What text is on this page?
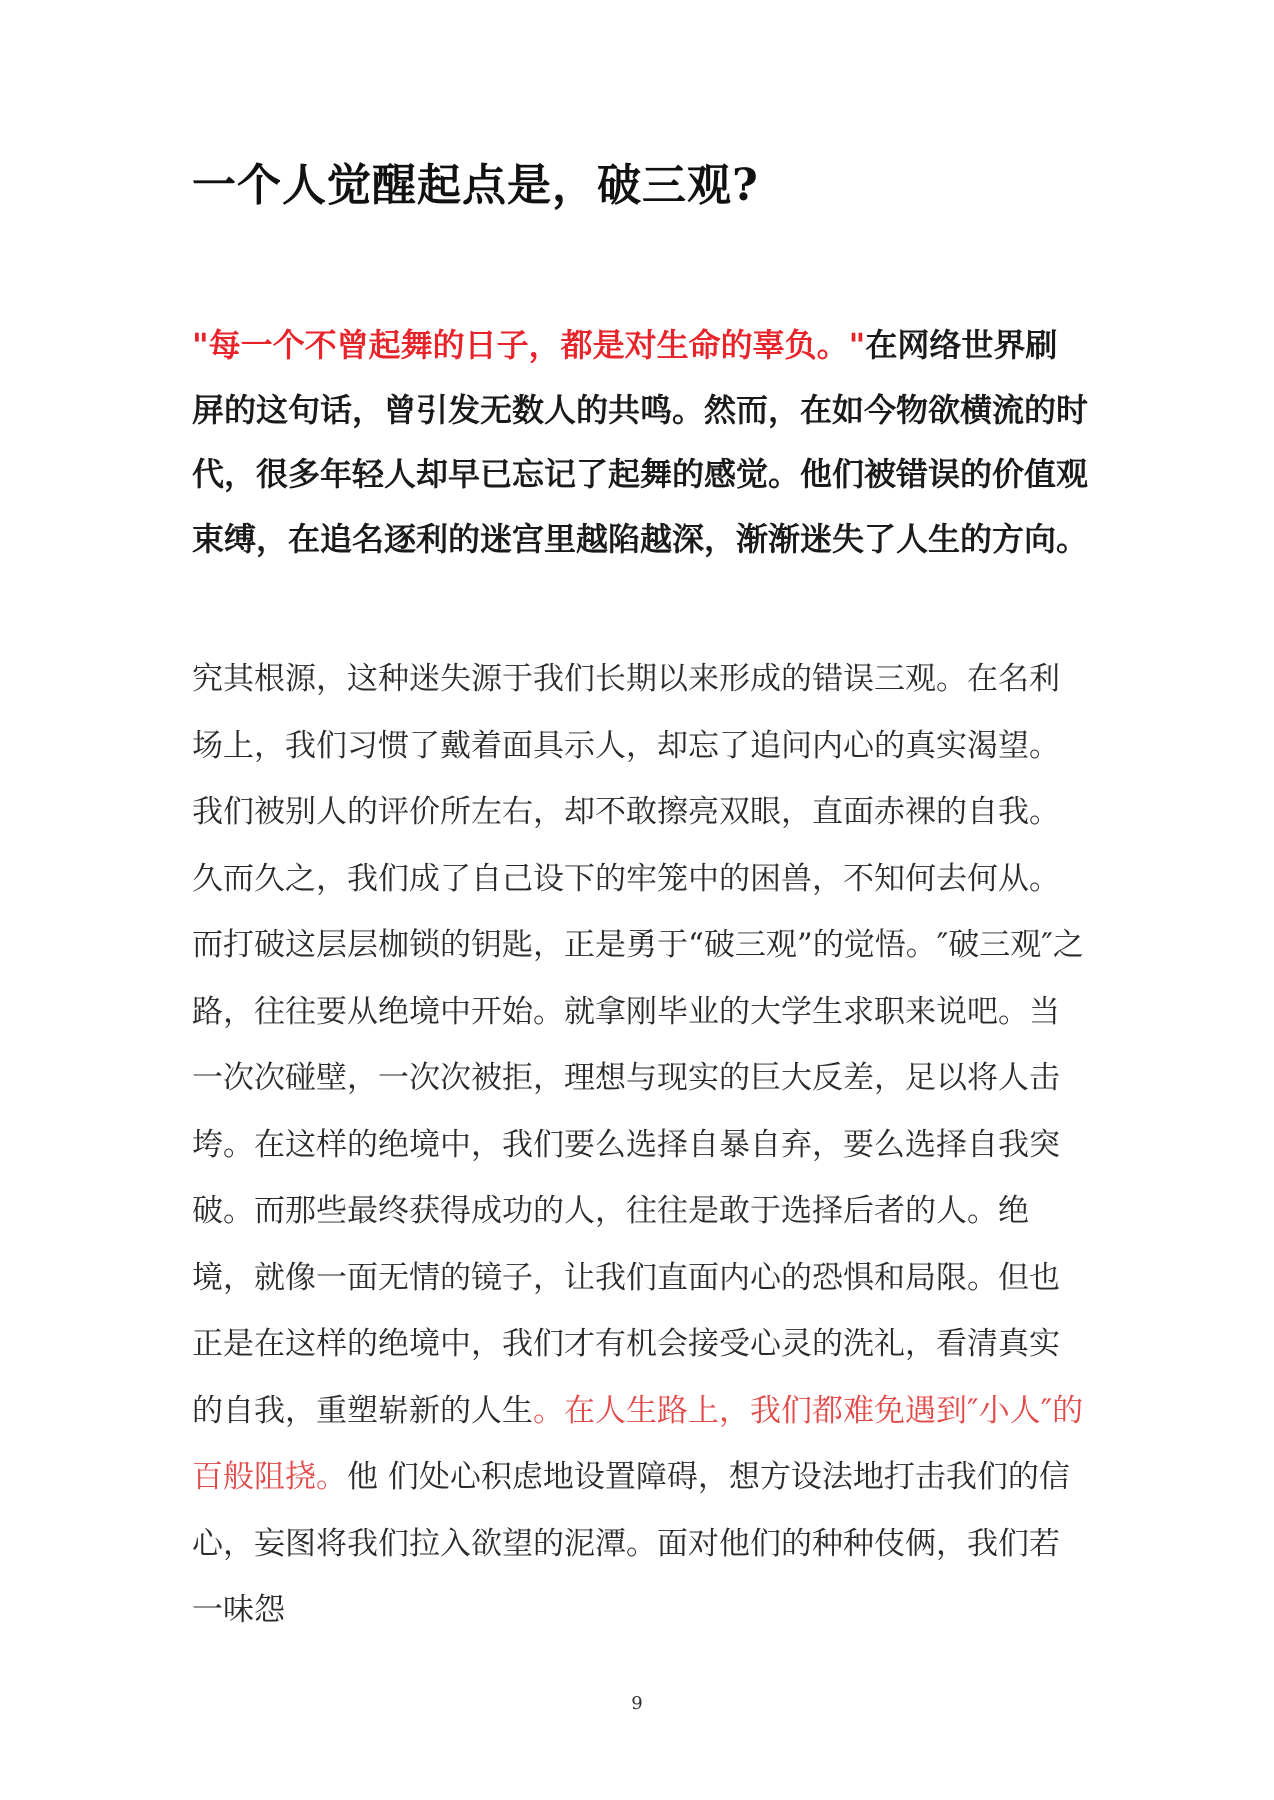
一个人觉醒起点是，破三观?

"每一个不曾起舞的日子，都是对生命的辜负。"在网络世界刷屏的这句话，曾引发无数人的共鸣。然而，在如今物欲横流的时代，很多年轻人却早已忘记了起舞的感觉。他们被错误的价值观束缚，在追名逐利的迷宫里越陷越深，渐渐迷失了人生的方向。

究其根源，这种迷失源于我们长期以来形成的错误三观。在名利场上，我们习惯了戴着面具示人，却忘了追问内心的真实渴望。我们被别人的评价所左右，却不敢擦亮双眼，直面赤裸的自我。久而久之，我们成了自己设下的牢笼中的困兽，不知何去何从。而打破这层层枷锁的钥匙，正是勇于“破三观”的觉悟。″破三观″之路，往往要从绝境中开始。就拿刚毕业的大学生求职来说吧。当一次次碰壁，一次次被拒，理想与现实的巨大反差，足以将人击垮。在这样的绝境中，我们要么选择自暴自弃，要么选择自我突破。而那些最终获得成功的人，往往是敢于选择后者的人。绝境，就像一面无情的镜子，让我们直面内心的恐惧和局限。但也正是在这样的绝境中，我们才有机会接受心灵的洗礼，看清真实的自我，重塑崭新的人生。在人生路上，我们都难免遇到″小人″的百般阻挠。他 们处心积虑地设置障碍，想方设法地打击我们的信心，妄图将我们拉入欲望的泥潭。面对他们的种种伎俩，我们若一味怨

9
